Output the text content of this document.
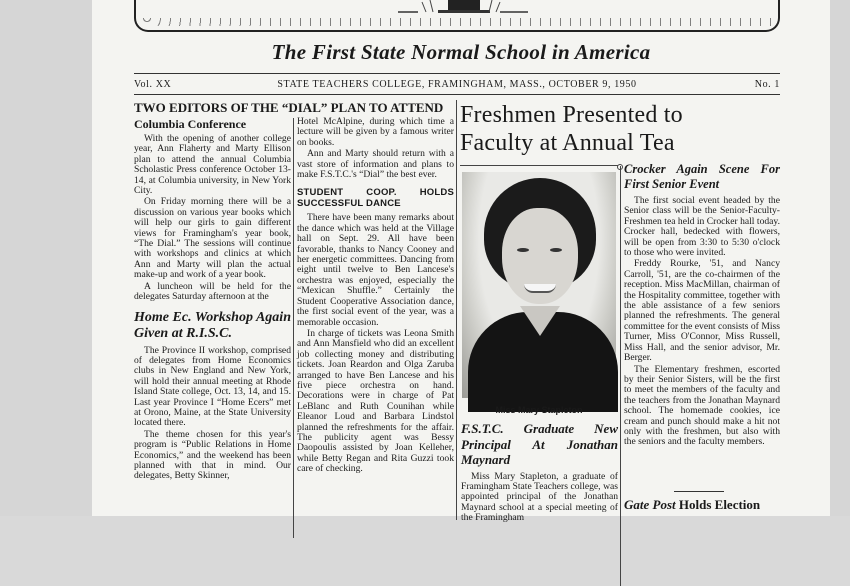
The First State Normal School in America
Vol. XX	STATE TEACHERS COLLEGE, FRAMINGHAM, MASS., OCTOBER 9, 1950	No. 1
TWO EDITORS OF THE “DIAL” PLAN TO ATTEND
Columbia Conference

With the opening of another college year, Ann Flaherty and Marty Ellison plan to attend the annual Columbia Scholastic Press conference October 13-14, at Columbia university, in New York City.

On Friday morning there will be a discussion on various year books which will help our girls to gain different views for Framingham's year book, “The Dial.” The sessions will continue with workshops and clinics at which Ann and Marty will plan the actual make-up and work of a year book.

A luncheon will be held for the delegates Saturday afternoon at the

Home Ec. Workshop Again Given at R.I.S.C.

The Province II workshop, comprised of delegates from Home Economics clubs in New England and New York, will hold their annual meeting at Rhode Island State college, Oct. 13, 14, and 15. Last year Province I “Home Ecers” met at Orono, Maine, at the State University located there.

The theme chosen for this year's program is “Public Relations in Home Economics,” and the weekend has been planned with that in mind. Our delegates, Betty Skinner,

Hotel McAlpine, during which time a lecture will be given by a famous writer on books.

Ann and Marty should return with a vast store of information and plans to make F.S.T.C.'s “Dial” the best ever.

STUDENT COOP. HOLDS SUCCESSFUL DANCE

There have been many remarks about the dance which was held at the Village hall on Sept. 29. All have been favorable, thanks to Nancy Cooney and her energetic committees. Dancing from eight until twelve to Ben Lancese's orchestra was enjoyed, especially the “Mexican Shuffle.” Certainly the Student Cooperative Association dance, the first social event of the year, was a memorable occasion.

In charge of tickets was Leona Smith and Ann Mansfield who did an excellent job collecting money and distributing tickets. Joan Reardon and Olga Zaruba arranged to have Ben Lancese and his five piece orchestra on hand. Decorations were in charge of Pat LeBlanc and Ruth Counihan while Eleanor Loud and Barbara Lindstol planned the refreshments for the affair. The publicity agent was Bessy Daopoulis assisted by Joan Kelleher, while Betty Regan and Rita Guzzi took care of checking.

Freshmen Presented to Faculty at Annual Tea
Miss Mary Stapleton
F.S.T.C. Graduate New Principal At Jonathan Maynard

Miss Mary Stapleton, a graduate of Framingham State Teachers college, was appointed principal of the Jonathan Maynard school at a special meeting of the Framingham

Crocker Again Scene For First Senior Event

The first social event headed by the Senior class will be the Senior-Faculty-Freshmen tea held in Crocker hall today. Crocker hall, bedecked with flowers, will be open from 3:30 to 5:30 o'clock to those who were invited.

Freddy Rourke, '51, and Nancy Carroll, '51, are the co-chairmen of the reception. Miss MacMillan, chairman of the Hospitality committee, together with the able assistance of a few seniors planned the refreshments. The general committee for the event consists of Miss Turner, Miss O'Connor, Miss Russell, Miss Hall, and the senior advisor, Mr. Berger.

The Elementary freshmen, escorted by their Senior Sisters, will be the first to meet the members of the faculty and the teachers from the Jonathan Maynard school. The homemade cookies, ice cream and punch should make a hit not only with the freshmen, but also with the seniors and the faculty members.

Gate Post Holds Election
